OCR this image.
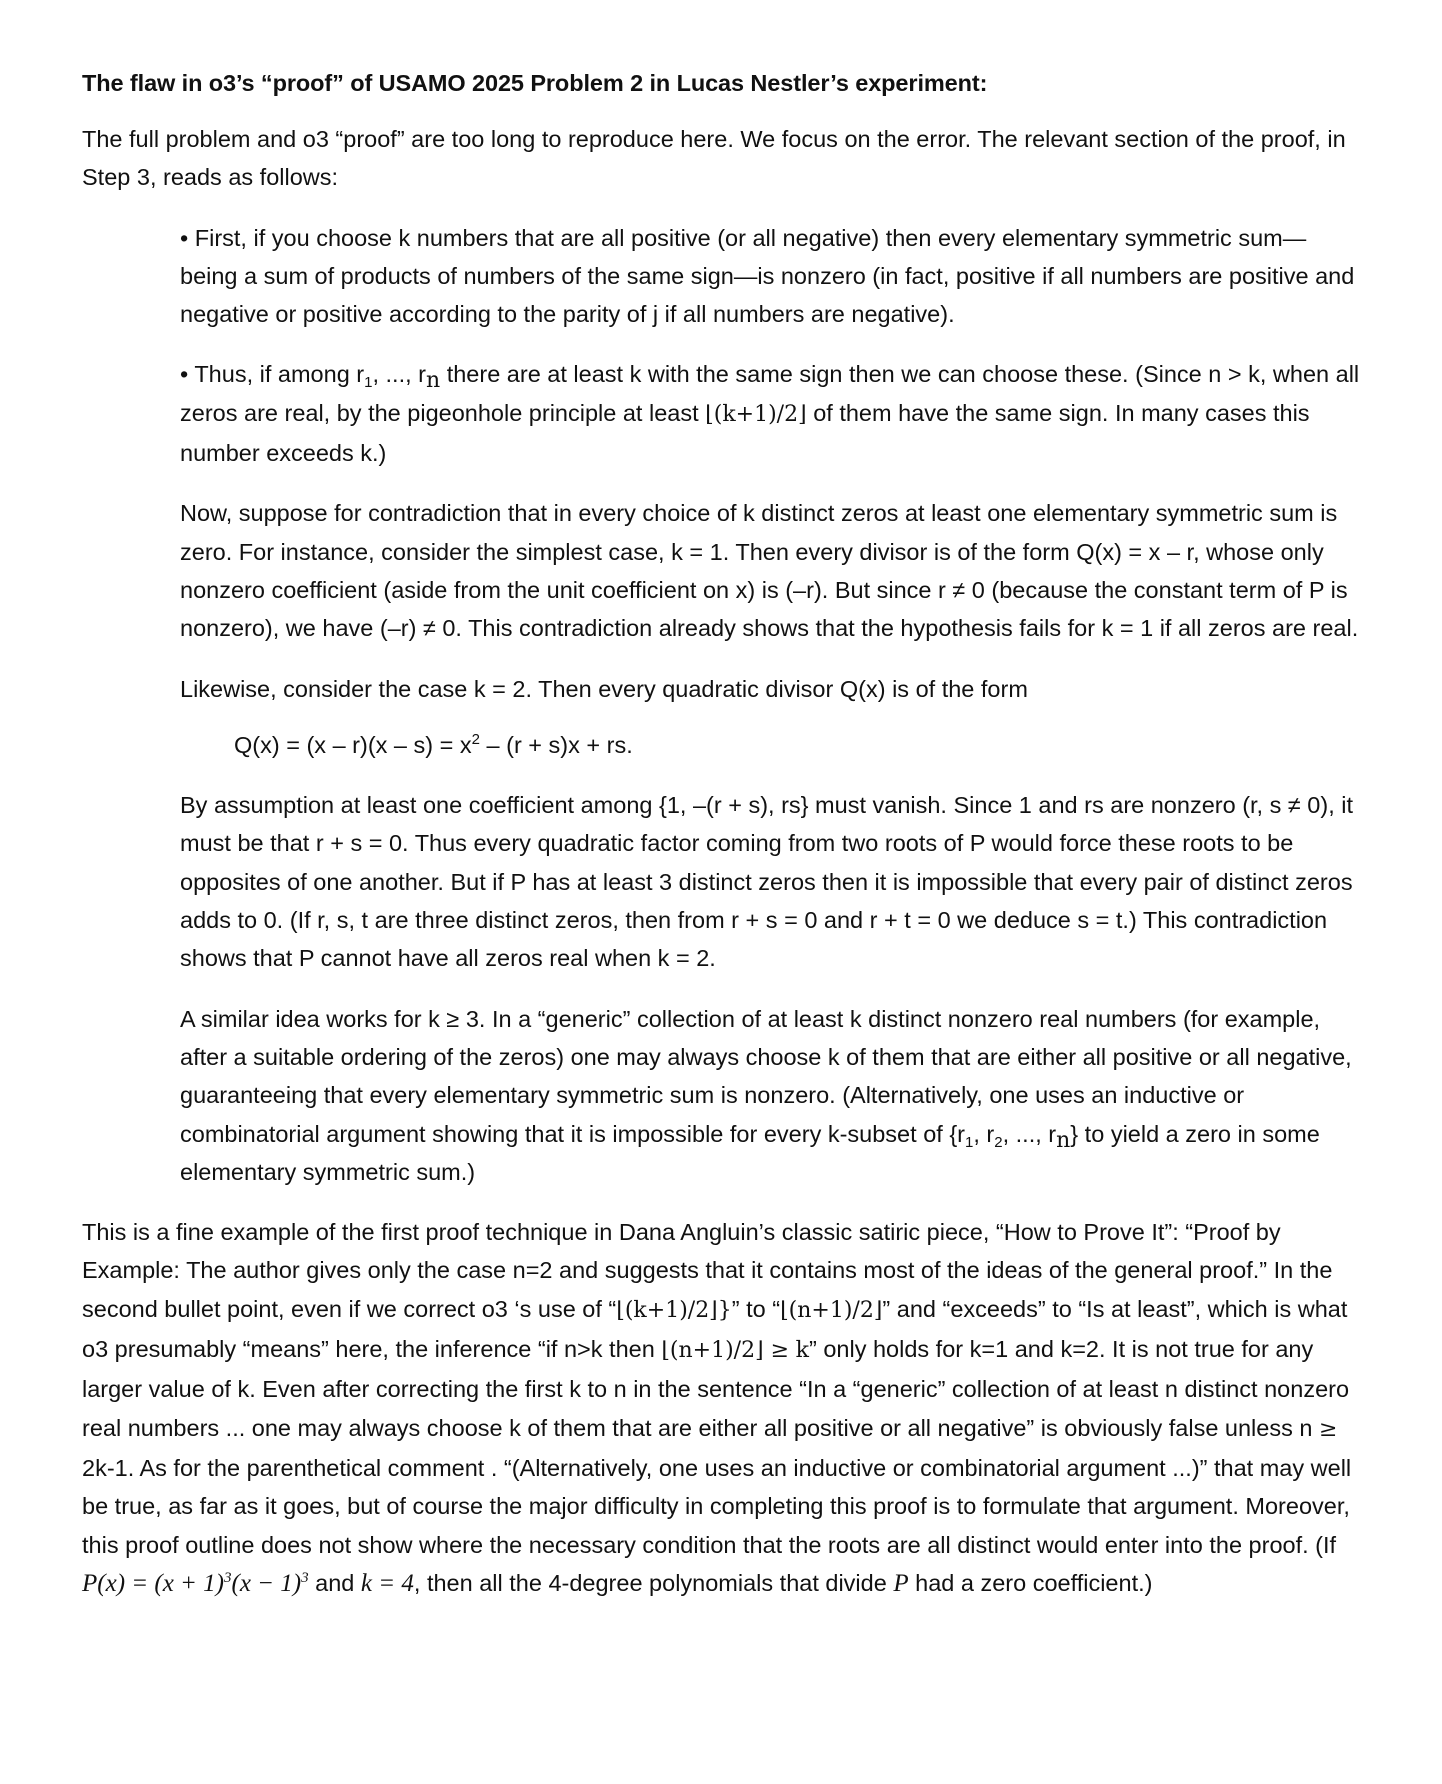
The flaw in o3’s “proof” of USAMO 2025 Problem 2 in Lucas Nestler’s experiment:

The full problem and o3 “proof” are too long to reproduce here. We focus on the error. The relevant section of the proof, in Step 3, reads as follows:

• First, if you choose k numbers that are all positive (or all negative) then every elementary symmetric sum—being a sum of products of numbers of the same sign—is nonzero (in fact, positive if all numbers are positive and negative or positive according to the parity of j if all numbers are negative).

• Thus, if among $r_1$, ..., $r_n$ there are at least k with the same sign then we can choose these. (Since n > k, when all zeros are real, by the pigeonhole principle at least ⌊(k+1)/2⌋ of them have the same sign. In many cases this number exceeds k.)

Now, suppose for contradiction that in every choice of k distinct zeros at least one elementary symmetric sum is zero. For instance, consider the simplest case, k = 1. Then every divisor is of the form Q(x) = x – r, whose only nonzero coefficient (aside from the unit coefficient on x) is (–r). But since r ≠ 0 (because the constant term of P is nonzero), we have (–r) ≠ 0. This contradiction already shows that the hypothesis fails for k = 1 if all zeros are real.

Likewise, consider the case k = 2. Then every quadratic divisor Q(x) is of the form

$Q(x) = (x - r)(x - s) = x^2 - (r + s)x$ + rs.

By assumption at least one coefficient among {1, –(r + s), rs} must vanish. Since 1 and rs are nonzero (r, s ≠ 0), it must be that r + s = 0. Thus every quadratic factor coming from two roots of P would force these roots to be opposites of one another. But if P has at least 3 distinct zeros then it is impossible that every pair of distinct zeros adds to 0. (If r, s, t are three distinct zeros, then from r + s = 0 and r + t = 0 we deduce s = t.) This contradiction shows that P cannot have all zeros real when k = 2.

A similar idea works for k ≥ 3. In a “generic” collection of at least k distinct nonzero real numbers (for example, after a suitable ordering of the zeros) one may always choose k of them that are either all positive or all negative, guaranteeing that every elementary symmetric sum is nonzero. (Alternatively, one uses an inductive or combinatorial argument showing that it is impossible for every k-subset of {$r_1$, $r_2$, ..., $r_n$} to yield a zero in some elementary symmetric sum.)

This is a fine example of the first proof technique in Dana Angluin’s classic satiric piece, “How to Prove It”: “Proof by Example: The author gives only the case n=2 and suggests that it contains most of the ideas of the general proof.” In the second bullet point, even if we correct o3 ‘s use of “⌊(k+1)/2⌋}” to “⌊(n+1)/2⌋” and “exceeds” to “Is at least”, which is what o3 presumably “means” here, the inference “if n>k then ⌊(n+1)/2⌋ ≥ k” only holds for k=1 and k=2. It is not true for any larger value of k. Even after correcting the first k to n in the sentence “In a “generic” collection of at least n distinct nonzero real numbers ... one may always choose k of them that are either all positive or all negative” is obviously false unless n ≥ 2k-1. As for the parenthetical comment . “(Alternatively, one uses an inductive or combinatorial argument ...)” that may well be true, as far as it goes, but of course the major difficulty in completing this proof is to formulate that argument. Moreover, this proof outline does not show where the necessary condition that the roots are all distinct would enter into the proof. (If $P(x) = (x + 1)^3(x - 1)^3$ and k = 4, then all the 4-degree polynomials that divide P had a zero coefficient.)
